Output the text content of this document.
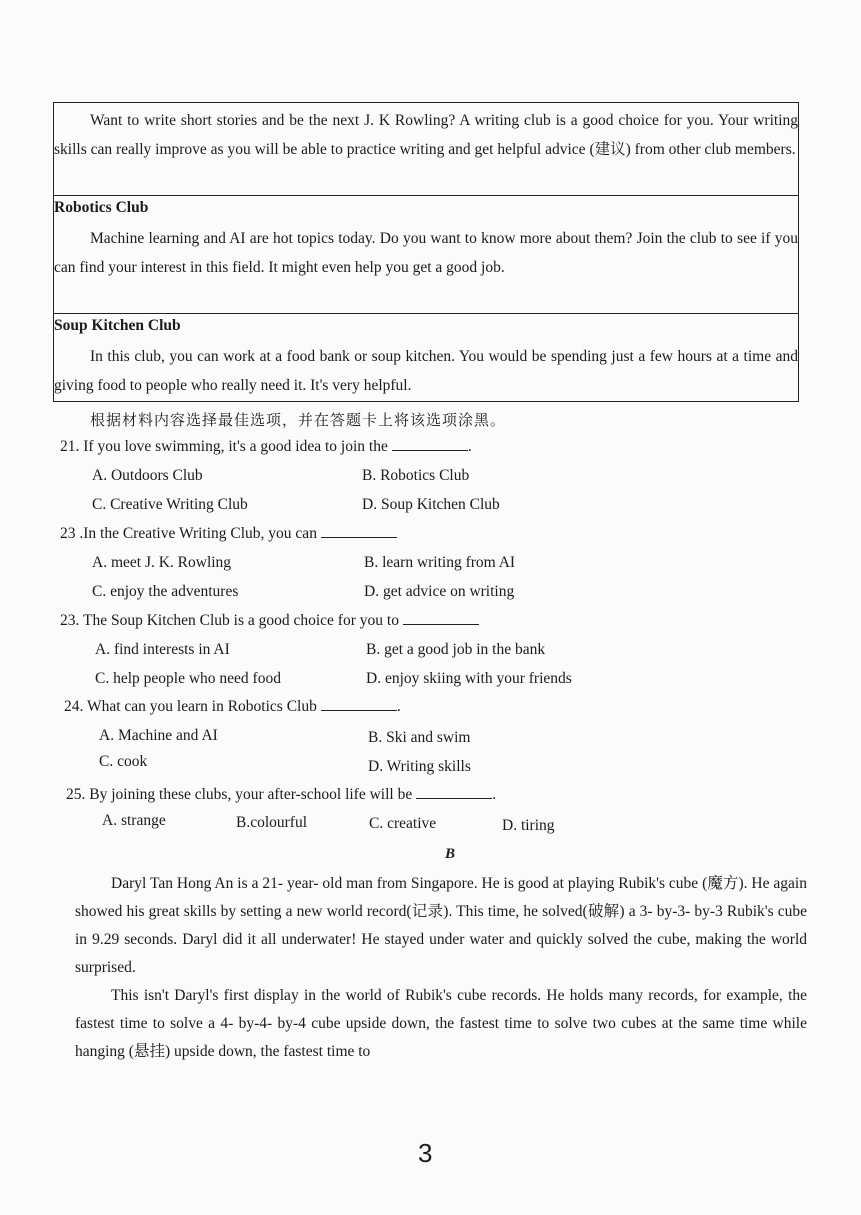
Want to write short stories and be the next J. K Rowling? A writing club is a good choice for you. Your writing skills can really improve as you will be able to practice writing and get helpful advice (建议) from other club members.
Robotics Club
Machine learning and AI are hot topics today. Do you want to know more about them? Join the club to see if you can find your interest in this field. It might even help you get a good job.
Soup Kitchen Club
In this club, you can work at a food bank or soup kitchen. You would be spending just a few hours at a time and giving food to people who really need it. It's very helpful.
根据材料内容选择最佳选项，并在答题卡上将该选项涂黑。
21. If you love swimming, it's a good idea to join the	.
A. Outdoors Club	B. Robotics Club
C. Creative Writing Club	D. Soup Kitchen Club
23 .In the Creative Writing Club, you can
A. meet J. K. Rowling	B. learn writing from AI
C. enjoy the adventures	D. get advice on writing
23. The Soup Kitchen Club is a good choice for you to
A. find interests in AI	B. get a good job in the bank
C. help people who need food	D. enjoy skiing with your friends
24. What can you learn in Robotics Club	.
A. Machine and AI	B. Ski and swim
C. cook	D. Writing skills
25. By joining these clubs, your after-school life will be	.
A. strange	B.colourful	C. creative	D. tiring
B

Daryl Tan Hong An is a 21- year- old man from Singapore. He is good at playing Rubik's cube (魔方). He again showed his great skills by setting a new world record(记录). This time, he solved(破解) a 3- by-3- by-3 Rubik's cube in 9.29 seconds. Daryl did it all underwater! He stayed under water and quickly solved the cube, making the world surprised.

This isn't Daryl's first display in the world of Rubik's cube records. He holds many records, for example, the fastest time to solve a 4- by-4- by-4 cube upside down, the fastest time to solve two cubes at the same time while hanging (悬挂) upside down, the fastest time to

3
